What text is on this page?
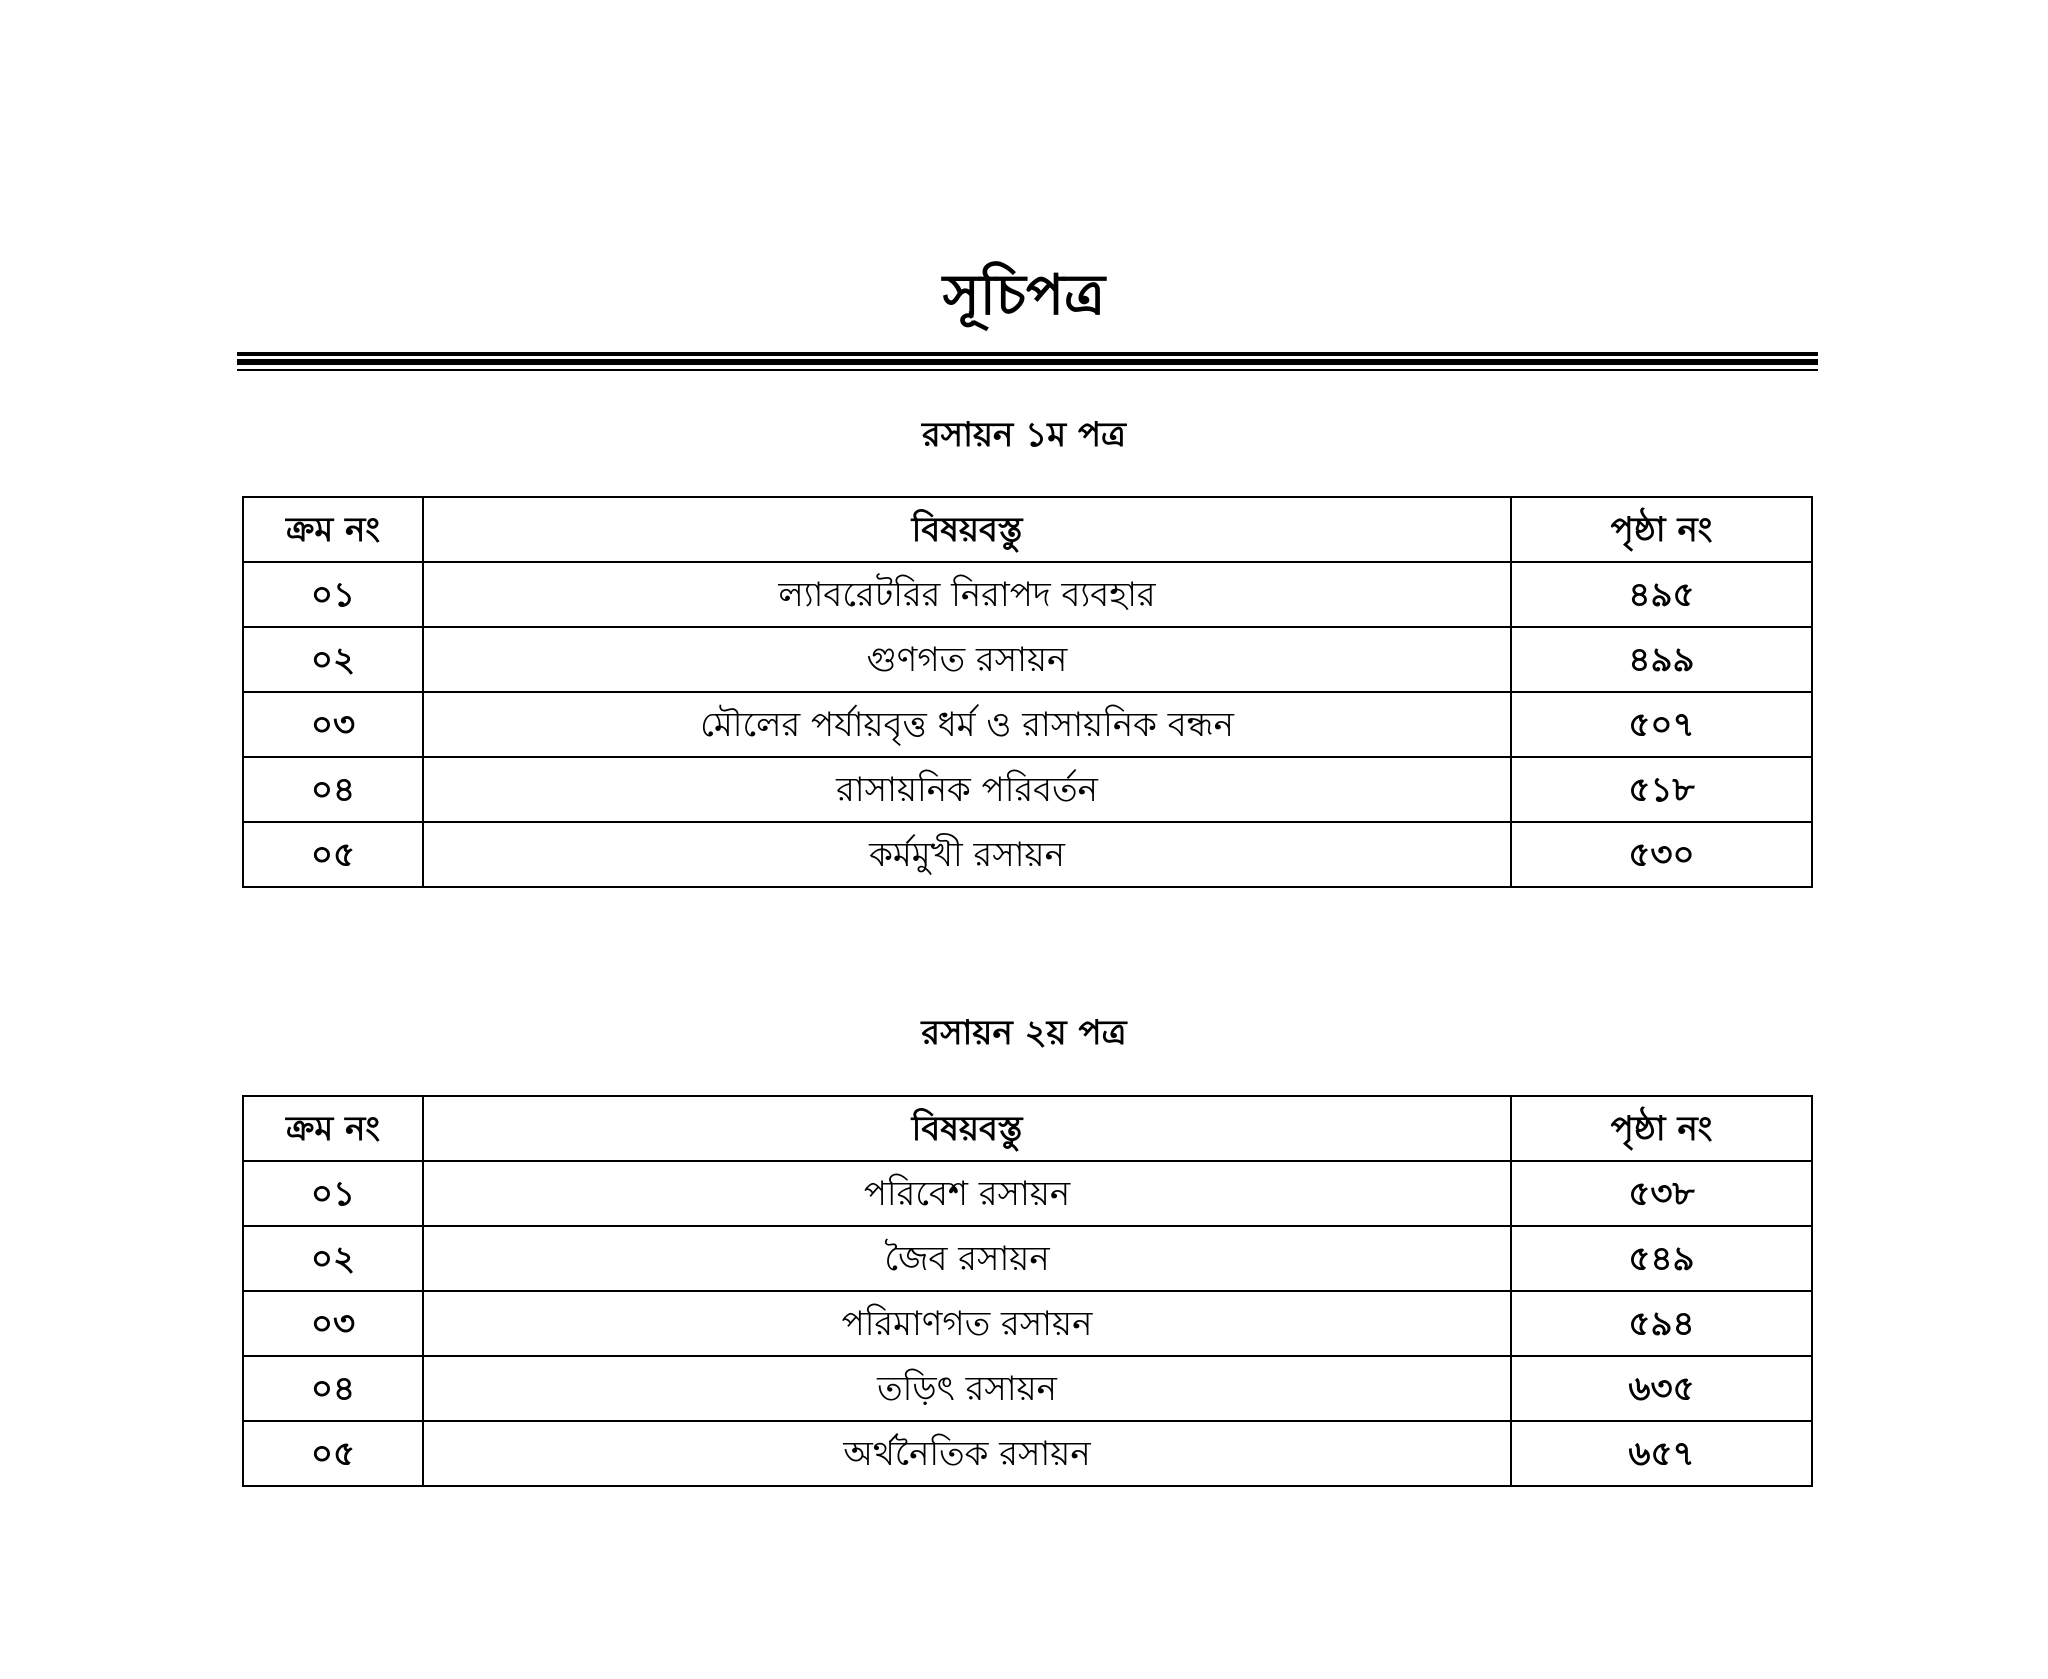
সূচিপত্র
রসায়ন ১ম পত্র
ক্রম নং	বিষয়বস্তু	পৃষ্ঠা নং
০১	ল্যাবরেটরির নিরাপদ ব্যবহার	৪৯৫
০২	গুণগত রসায়ন	৪৯৯
০৩	মৌলের পর্যায়বৃত্ত ধর্ম ও রাসায়নিক বন্ধন	৫০৭
০৪	রাসায়নিক পরিবর্তন	৫১৮
০৫	কর্মমুখী রসায়ন	৫৩০
রসায়ন ২য় পত্র
ক্রম নং	বিষয়বস্তু	পৃষ্ঠা নং
০১	পরিবেশ রসায়ন	৫৩৮
০২	জৈব রসায়ন	৫৪৯
০৩	পরিমাণগত রসায়ন	৫৯৪
০৪	তড়িৎ রসায়ন	৬৩৫
০৫	অর্থনৈতিক রসায়ন	৬৫৭
